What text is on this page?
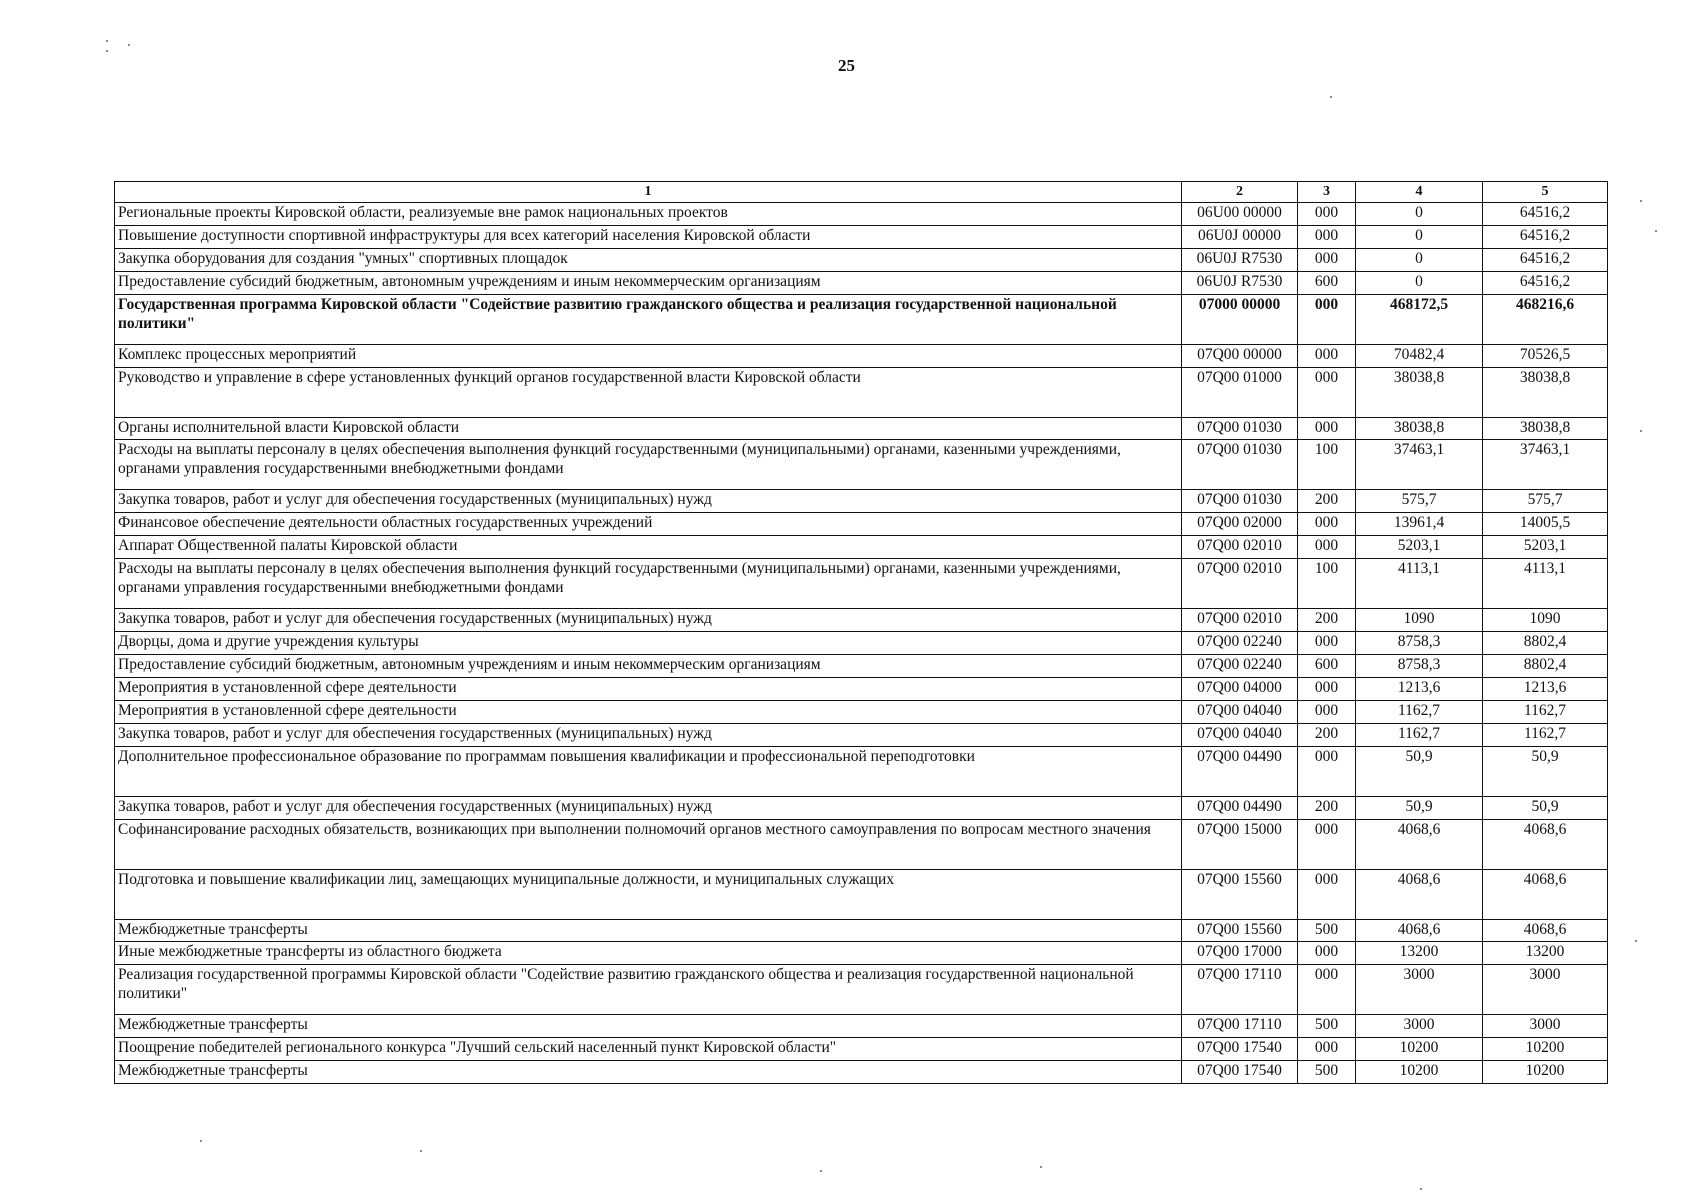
25
1	2	3	4	5
Региональные проекты Кировской области, реализуемые вне рамок национальных проектов	06U00 00000	000	0	64516,2
Повышение доступности спортивной инфраструктуры для всех категорий населения Кировской области	06U0J 00000	000	0	64516,2
Закупка оборудования для создания "умных" спортивных площадок	06U0J R7530	000	0	64516,2
Предоставление субсидий бюджетным, автономным учреждениям и иным некоммерческим организациям	06U0J R7530	600	0	64516,2
Государственная программа Кировской области "Содействие развитию гражданского общества и реализация государственной национальной политики"	07000 00000	000	468172,5	468216,6
Комплекс процессных мероприятий	07Q00 00000	000	70482,4	70526,5
Руководство и управление в сфере установленных функций органов государственной власти Кировской области	07Q00 01000	000	38038,8	38038,8
Органы исполнительной власти Кировской области	07Q00 01030	000	38038,8	38038,8
Расходы на выплаты персоналу в целях обеспечения выполнения функций государственными (муниципальными) органами, казенными учреждениями, органами управления государственными внебюджетными фондами	07Q00 01030	100	37463,1	37463,1
Закупка товаров, работ и услуг для обеспечения государственных (муниципальных) нужд	07Q00 01030	200	575,7	575,7
Финансовое обеспечение деятельности областных государственных учреждений	07Q00 02000	000	13961,4	14005,5
Аппарат Общественной палаты Кировской области	07Q00 02010	000	5203,1	5203,1
Расходы на выплаты персоналу в целях обеспечения выполнения функций государственными (муниципальными) органами, казенными учреждениями, органами управления государственными внебюджетными фондами	07Q00 02010	100	4113,1	4113,1
Закупка товаров, работ и услуг для обеспечения государственных (муниципальных) нужд	07Q00 02010	200	1090	1090
Дворцы, дома и другие учреждения культуры	07Q00 02240	000	8758,3	8802,4
Предоставление субсидий бюджетным, автономным учреждениям и иным некоммерческим организациям	07Q00 02240	600	8758,3	8802,4
Мероприятия в установленной сфере деятельности	07Q00 04000	000	1213,6	1213,6
Мероприятия в установленной сфере деятельности	07Q00 04040	000	1162,7	1162,7
Закупка товаров, работ и услуг для обеспечения государственных (муниципальных) нужд	07Q00 04040	200	1162,7	1162,7
Дополнительное профессиональное образование по программам повышения квалификации и профессиональной переподготовки	07Q00 04490	000	50,9	50,9
Закупка товаров, работ и услуг для обеспечения государственных (муниципальных) нужд	07Q00 04490	200	50,9	50,9
Софинансирование расходных обязательств, возникающих при выполнении полномочий органов местного самоуправления по вопросам местного значения	07Q00 15000	000	4068,6	4068,6
Подготовка и повышение квалификации лиц, замещающих муниципальные должности, и муниципальных служащих	07Q00 15560	000	4068,6	4068,6
Межбюджетные трансферты	07Q00 15560	500	4068,6	4068,6
Иные межбюджетные трансферты из областного бюджета	07Q00 17000	000	13200	13200
Реализация государственной программы Кировской области "Содействие развитию гражданского общества и реализация государственной национальной политики"	07Q00 17110	000	3000	3000
Межбюджетные трансферты	07Q00 17110	500	3000	3000
Поощрение победителей регионального конкурса "Лучший сельский населенный пункт Кировской области"	07Q00 17540	000	10200	10200
Межбюджетные трансферты	07Q00 17540	500	10200	10200
